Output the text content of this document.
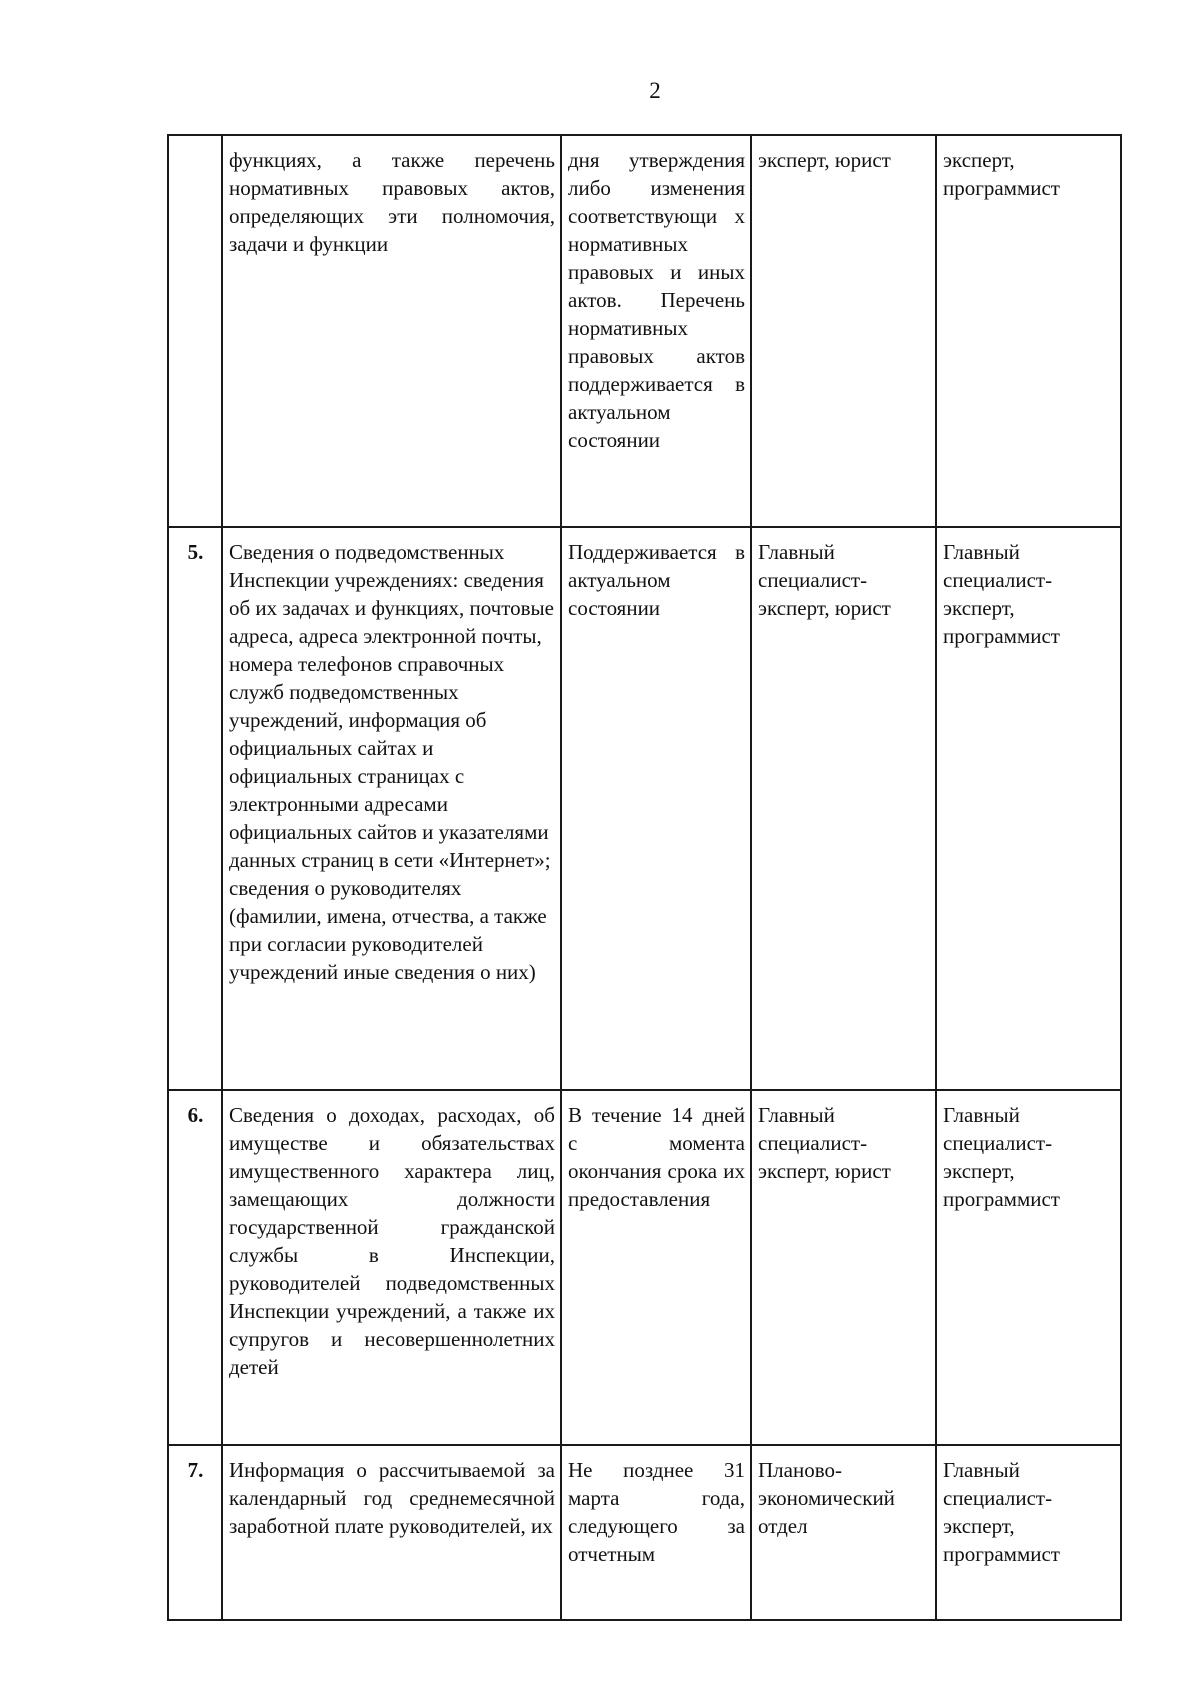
2

	функциях, а также перечень нормативных правовых актов, определяющих эти полномочия, задачи и функции	дня утверждения либо изменения соответствующи х нормативных правовых и иных актов. Перечень нормативных правовых актов поддерживается в актуальном состоянии	эксперт, юрист	эксперт, программист

5.	Сведения о подведомственных Инспекции учреждениях: сведения об их задачах и функциях, почтовые адреса, адреса электронной почты, номера телефонов справочных служб подведомственных учреждений, информация об официальных сайтах и официальных страницах с электронными адресами официальных сайтов и указателями данных страниц в сети «Интернет»; сведения о руководителях (фамилии, имена, отчества, а также при согласии руководителей учреждений иные сведения о них)	Поддерживается в актуальном состоянии	Главный специалист-эксперт, юрист	Главный специалист-эксперт, программист

6.	Сведения о доходах, расходах, об имуществе и обязательствах имущественного характера лиц, замещающих должности государственной гражданской службы в Инспекции, руководителей подведомственных Инспекции учреждений, а также их супругов и несовершеннолетних детей	В течение 14 дней с момента окончания срока их предоставления	Главный специалист-эксперт, юрист	Главный специалист-эксперт, программист

7.	Информация о рассчитываемой за календарный год среднемесячной заработной плате руководителей, их	Не позднее 31 марта года, следующего за отчетным	Планово-экономический отдел	Главный специалист-эксперт, программист
